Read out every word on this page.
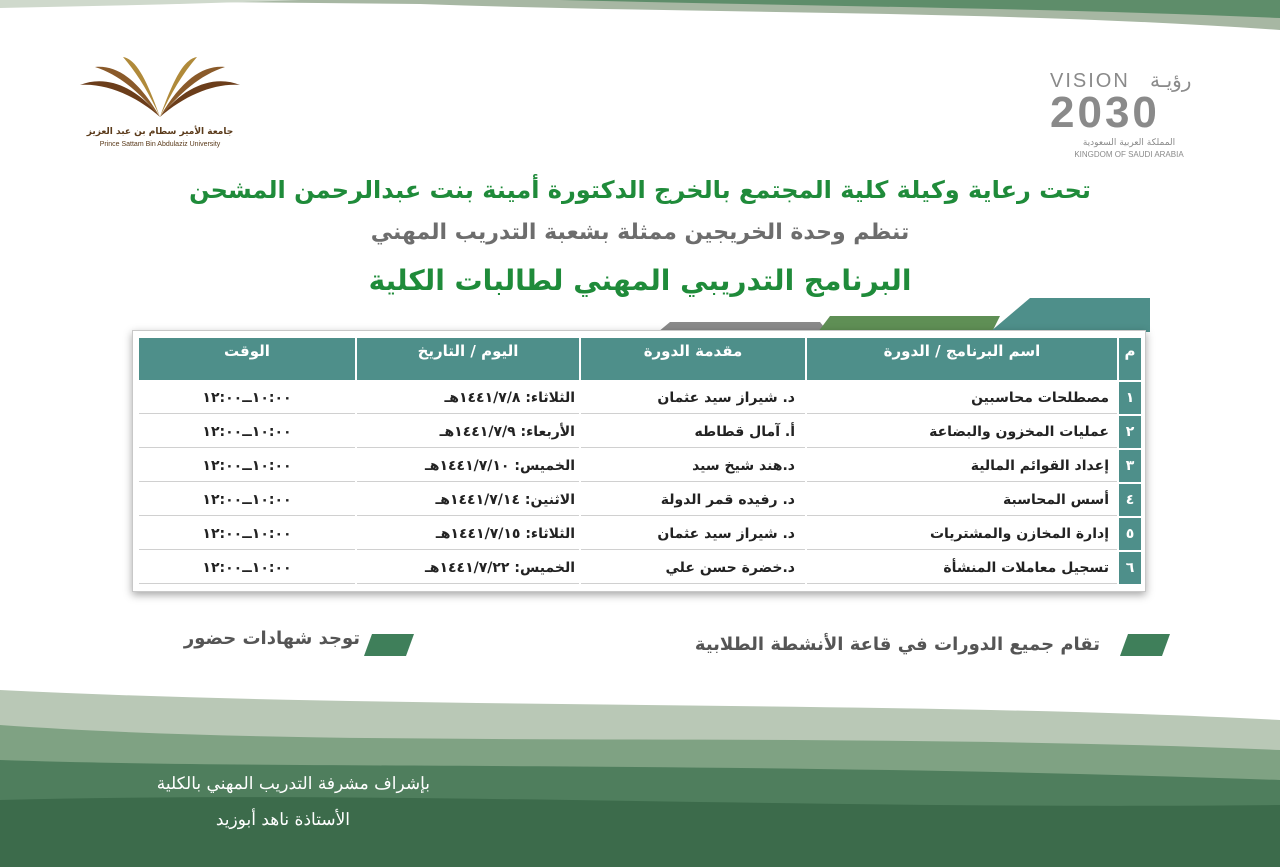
جامعة الأمير سطام بن عبد العزيز
Prince Sattam Bin Abdulaziz University
VISION رؤيـة
2030
المملكة العربية السعودية
KINGDOM OF SAUDI ARABIA
تحت رعاية وكيلة كلية المجتمع بالخرج الدكتورة أمينة بنت عبدالرحمن المشحن
تنظم وحدة الخريجين ممثلة بشعبة التدريب المهني
البرنامج التدريبي المهني لطالبات الكلية
م	اسم البرنامج / الدورة	مقدمة الدورة	اليوم / التاريخ	الوقت
١	مصطلحات محاسبين	د. شيراز سيد عثمان	الثلاثاء: ١٤٤١/٧/٨هـ	١٠:٠٠ــ١٢:٠٠
٢	عمليات المخزون والبضاعة	أ. آمال قطاطه	الأربعاء: ١٤٤١/٧/٩هـ	١٠:٠٠ــ١٢:٠٠
٣	إعداد القوائم المالية	د.هند شيخ سيد	الخميس: ١٤٤١/٧/١٠هـ	١٠:٠٠ــ١٢:٠٠
٤	أسس المحاسبة	د. رفيده قمر الدولة	الاثنين: ١٤٤١/٧/١٤هـ	١٠:٠٠ــ١٢:٠٠
٥	إدارة المخازن والمشتريات	د. شيراز سيد عثمان	الثلاثاء: ١٤٤١/٧/١٥هـ	١٠:٠٠ــ١٢:٠٠
٦	تسجيل معاملات المنشأة	د.خضرة حسن علي	الخميس: ١٤٤١/٧/٢٢هـ	١٠:٠٠ــ١٢:٠٠
تقام جميع الدورات في قاعة الأنشطة الطلابية
توجد شهادات حضور
بإشراف مشرفة التدريب المهني بالكلية
الأستاذة ناهد أبوزيد
